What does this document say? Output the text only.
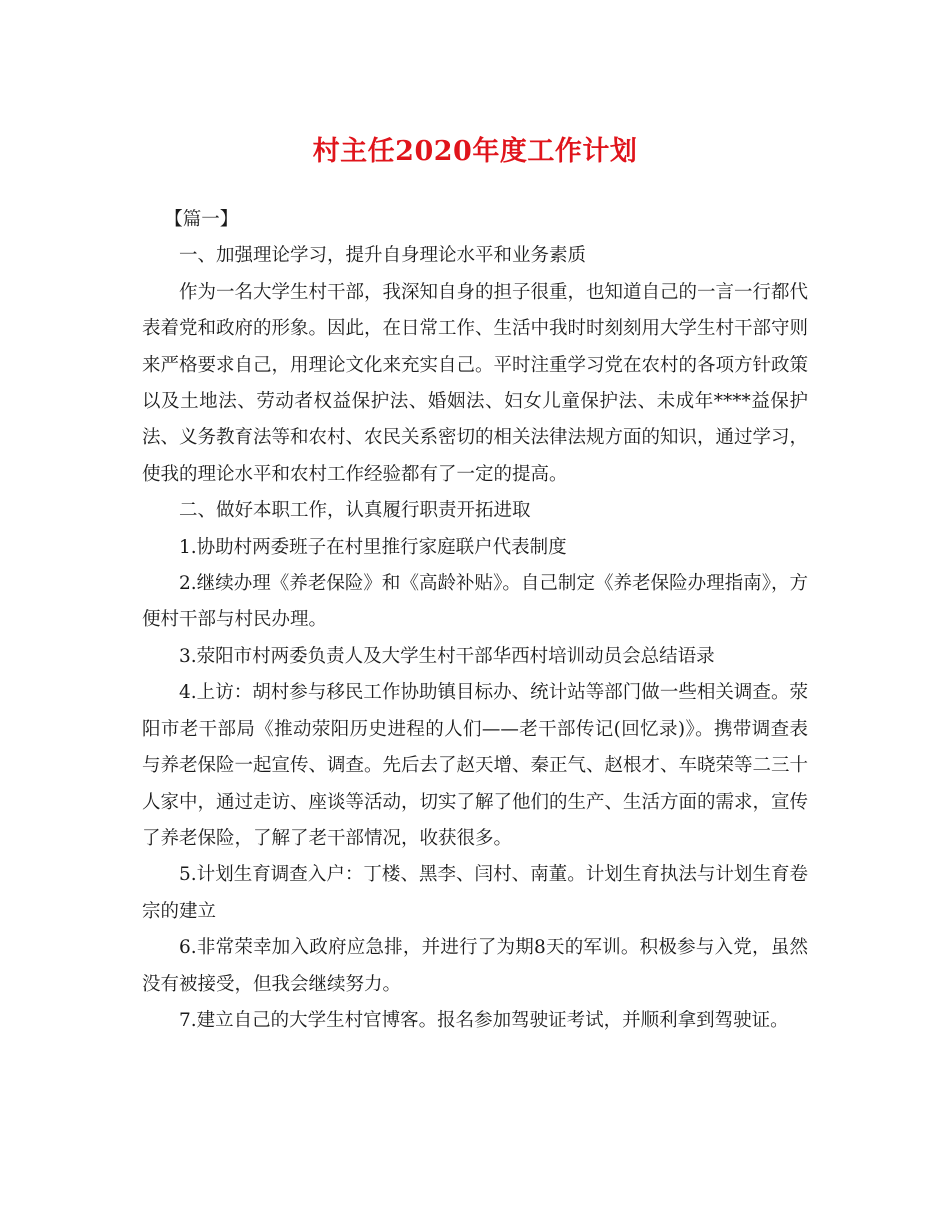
村主任2020年度工作计划

【篇一】

一、加强理论学习，提升自身理论水平和业务素质

作为一名大学生村干部，我深知自身的担子很重，也知道自己的一言一行都代表着党和政府的形象。因此，在日常工作、生活中我时时刻刻用大学生村干部守则来严格要求自己，用理论文化来充实自己。平时注重学习党在农村的各项方针政策以及土地法、劳动者权益保护法、婚姻法、妇女儿童保护法、未成年****益保护法、义务教育法等和农村、农民关系密切的相关法律法规方面的知识，通过学习，使我的理论水平和农村工作经验都有了一定的提高。

二、做好本职工作，认真履行职责开拓进取

1.协助村两委班子在村里推行家庭联户代表制度

2.继续办理《养老保险》和《高龄补贴》。自己制定《养老保险办理指南》，方便村干部与村民办理。

3.荥阳市村两委负责人及大学生村干部华西村培训动员会总结语录

4.上访：胡村参与移民工作协助镇目标办、统计站等部门做一些相关调查。荥阳市老干部局《推动荥阳历史进程的人们——老干部传记(回忆录)》。携带调查表与养老保险一起宣传、调查。先后去了赵天增、秦正气、赵根才、车晓荣等二三十人家中，通过走访、座谈等活动，切实了解了他们的生产、生活方面的需求，宣传了养老保险，了解了老干部情况，收获很多。

5.计划生育调查入户：丁楼、黑李、闫村、南董。计划生育执法与计划生育卷宗的建立

6.非常荣幸加入政府应急排，并进行了为期8天的军训。积极参与入党，虽然没有被接受，但我会继续努力。

7.建立自己的大学生村官博客。报名参加驾驶证考试，并顺利拿到驾驶证。
